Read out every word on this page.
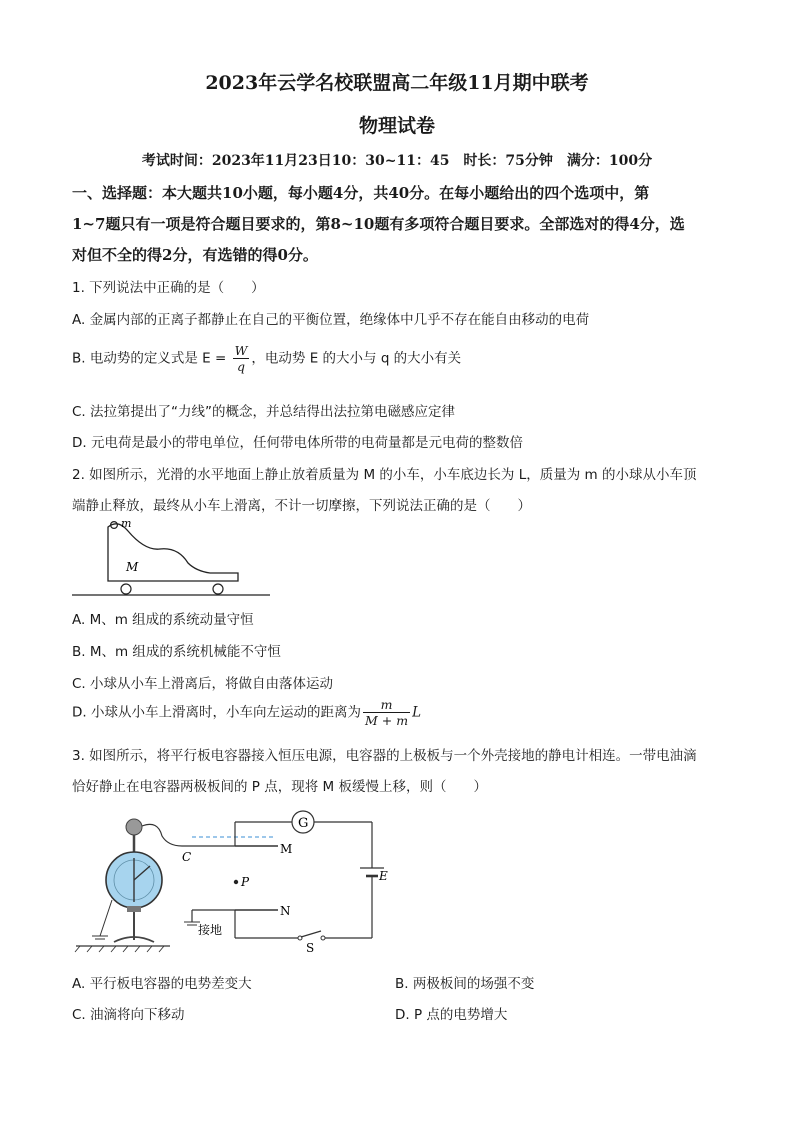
2023年云学名校联盟高二年级11月期中联考
物理试卷
考试时间：2023年11月23日10：30~11：45　时长：75分钟　满分：100分
一、选择题：本大题共10小题，每小题4分，共40分。在每小题给出的四个选项中，第
1~7题只有一项是符合题目要求的，第8~10题有多项符合题目要求。全部选对的得4分，选
对但不全的得2分，有选错的得0分。
1. 下列说法中正确的是（　　）
A. 金属内部的正离子都静止在自己的平衡位置，绝缘体中几乎不存在能自由移动的电荷
B. 电动势的定义式是 $E = \frac{W}{q}$ ，电动势 E 的大小与 q 的大小有关
C. 法拉第提出了“力线”的概念，并总结得出法拉第电磁感应定律
D. 元电荷是最小的带电单位，任何带电体所带的电荷量都是元电荷的整数倍
2. 如图所示，光滑的水平地面上静止放着质量为 M 的小车，小车底边长为 L，质量为 m 的小球从小车顶
端静止释放，最终从小车上滑离，不计一切摩擦，下列说法正确的是（　　）
m
M
A. M、m 组成的系统动量守恒
B. M、m 组成的系统机械能不守恒
C. 小球从小车上滑离后，将做自由落体运动
D. 小球从小车上滑离时，小车向左运动的距离为 $\frac{m}{M + m}$ L
3. 如图所示，将平行板电容器接入恒压电源，电容器的上极板与一个外壳接地的静电计相连。一带电油滴
恰好静止在电容器两极板间的 P 点，现将 M 板缓慢上移，则（　　）
C
M
G
E
P
N
接地
S
A. 平行板电容器的电势差变大	B. 两极板间的场强不变
C. 油滴将向下移动	D. P 点的电势增大
